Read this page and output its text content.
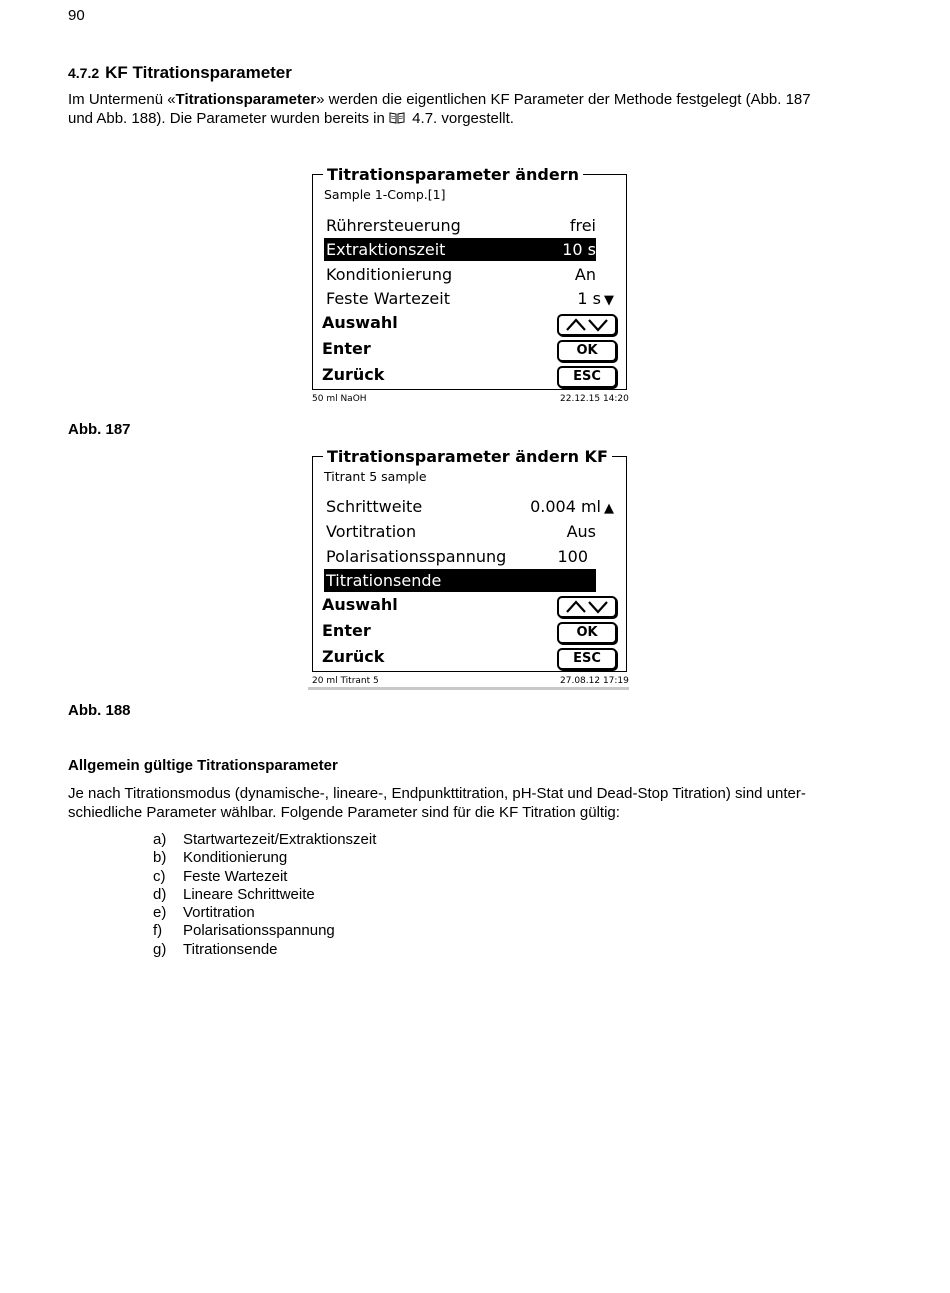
90
4.7.2 KF Titrationsparameter
Im Untermenü «Titrationsparameter» werden die eigentlichen KF Parameter der Methode festgelegt (Abb. 187
und Abb. 188). Die Parameter wurden bereits in  4.7. vorgestellt.
Titrationsparameter ändern
Sample 1-Comp.[1]
Rührersteuerung	frei
Extraktionszeit	10 s
Konditionierung	An
Feste Wartezeit	1 s ▼
Auswahl
Enter	OK
Zurück	ESC
50 ml NaOH	22.12.15 14:20
Abb. 187
Titrationsparameter ändern KF
Titrant 5 sample
Schrittweite	0.004 ml ▲
Vortitration	Aus
Polarisationsspannung	100
Titrationsende
Auswahl
Enter	OK
Zurück	ESC
20 ml Titrant 5	27.08.12 17:19
Abb. 188
Allgemein gültige Titrationsparameter
Je nach Titrationsmodus (dynamische-, lineare-, Endpunkttitration, pH-Stat und Dead-Stop Titration) sind unter-
schiedliche Parameter wählbar. Folgende Parameter sind für die KF Titration gültig:
a)	Startwartezeit/Extraktionszeit
b)	Konditionierung
c)	Feste Wartezeit
d)	Lineare Schrittweite
e)	Vortitration
f)	Polarisationsspannung
g)	Titrationsende
